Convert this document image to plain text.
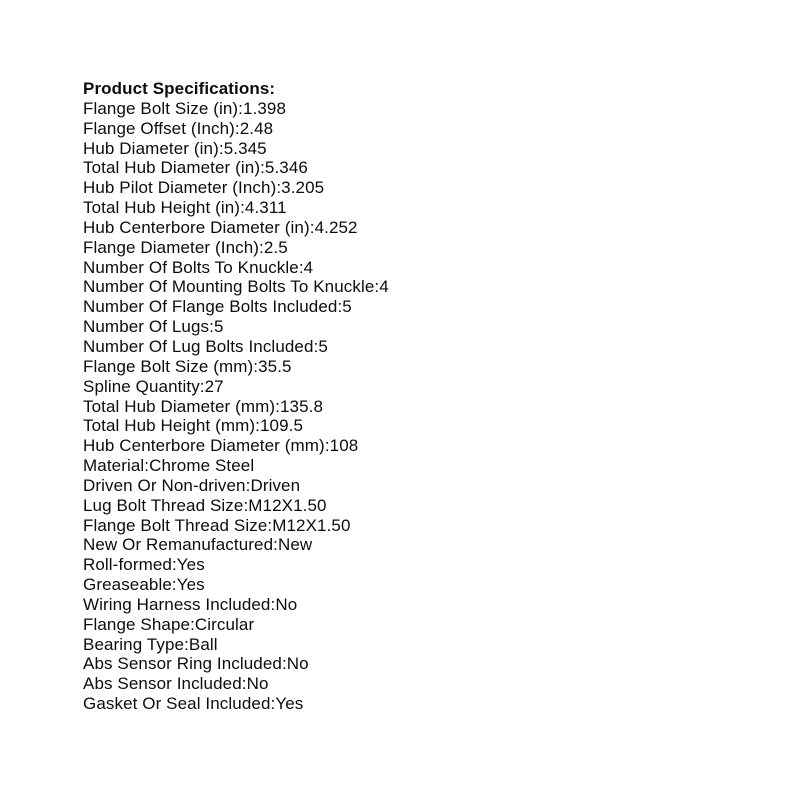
Product Specifications:
Flange Bolt Size (in):1.398
Flange Offset (Inch):2.48
Hub Diameter (in):5.345
Total Hub Diameter (in):5.346
Hub Pilot Diameter (Inch):3.205
Total Hub Height (in):4.311
Hub Centerbore Diameter (in):4.252
Flange Diameter (Inch):2.5
Number Of Bolts To Knuckle:4
Number Of Mounting Bolts To Knuckle:4
Number Of Flange Bolts Included:5
Number Of Lugs:5
Number Of Lug Bolts Included:5
Flange Bolt Size (mm):35.5
Spline Quantity:27
Total Hub Diameter (mm):135.8
Total Hub Height (mm):109.5
Hub Centerbore Diameter (mm):108
Material:Chrome Steel
Driven Or Non-driven:Driven
Lug Bolt Thread Size:M12X1.50
Flange Bolt Thread Size:M12X1.50
New Or Remanufactured:New
Roll-formed:Yes
Greaseable:Yes
Wiring Harness Included:No
Flange Shape:Circular
Bearing Type:Ball
Abs Sensor Ring Included:No
Abs Sensor Included:No
Gasket Or Seal Included:Yes
